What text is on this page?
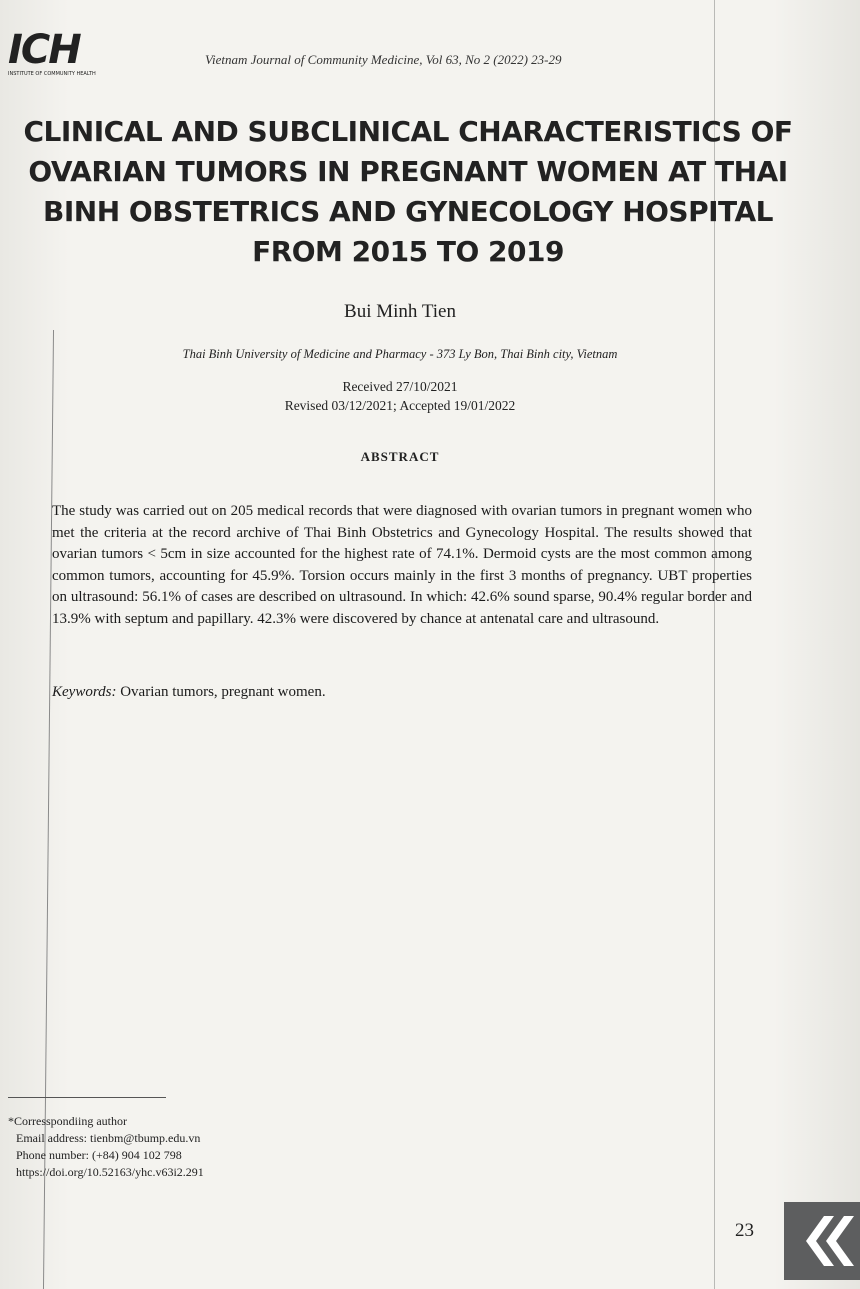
ICH
INSTITUTE OF COMMUNITY HEALTH
Vietnam Journal of Community Medicine, Vol 63, No 2 (2022) 23-29
CLINICAL AND SUBCLINICAL CHARACTERISTICS OF
OVARIAN TUMORS IN PREGNANT WOMEN AT THAI
BINH OBSTETRICS AND GYNECOLOGY HOSPITAL
FROM 2015 TO 2019
Bui Minh Tien
Thai Binh University of Medicine and Pharmacy - 373 Ly Bon, Thai Binh city, Vietnam
Received 27/10/2021
Revised 03/12/2021; Accepted 19/01/2022
ABSTRACT
The study was carried out on 205 medical records that were diagnosed with ovarian tumors in pregnant women who met the criteria at the record archive of Thai Binh Obstetrics and Gynecology Hospital. The results showed that ovarian tumors < 5cm in size accounted for the highest rate of 74.1%. Dermoid cysts are the most common among common tumors, accounting for 45.9%. Torsion occurs mainly in the first 3 months of pregnancy. UBT properties on ultrasound: 56.1% of cases are described on ultrasound. In which: 42.6% sound sparse, 90.4% regular border and 13.9% with septum and papillary. 42.3% were discovered by chance at antenatal care and ultrasound.
Keywords: Ovarian tumors, pregnant women.
*Corresspondiing author
Email address: tienbm@tbump.edu.vn
Phone number: (+84) 904 102 798
https://doi.org/10.52163/yhc.v63i2.291
23
